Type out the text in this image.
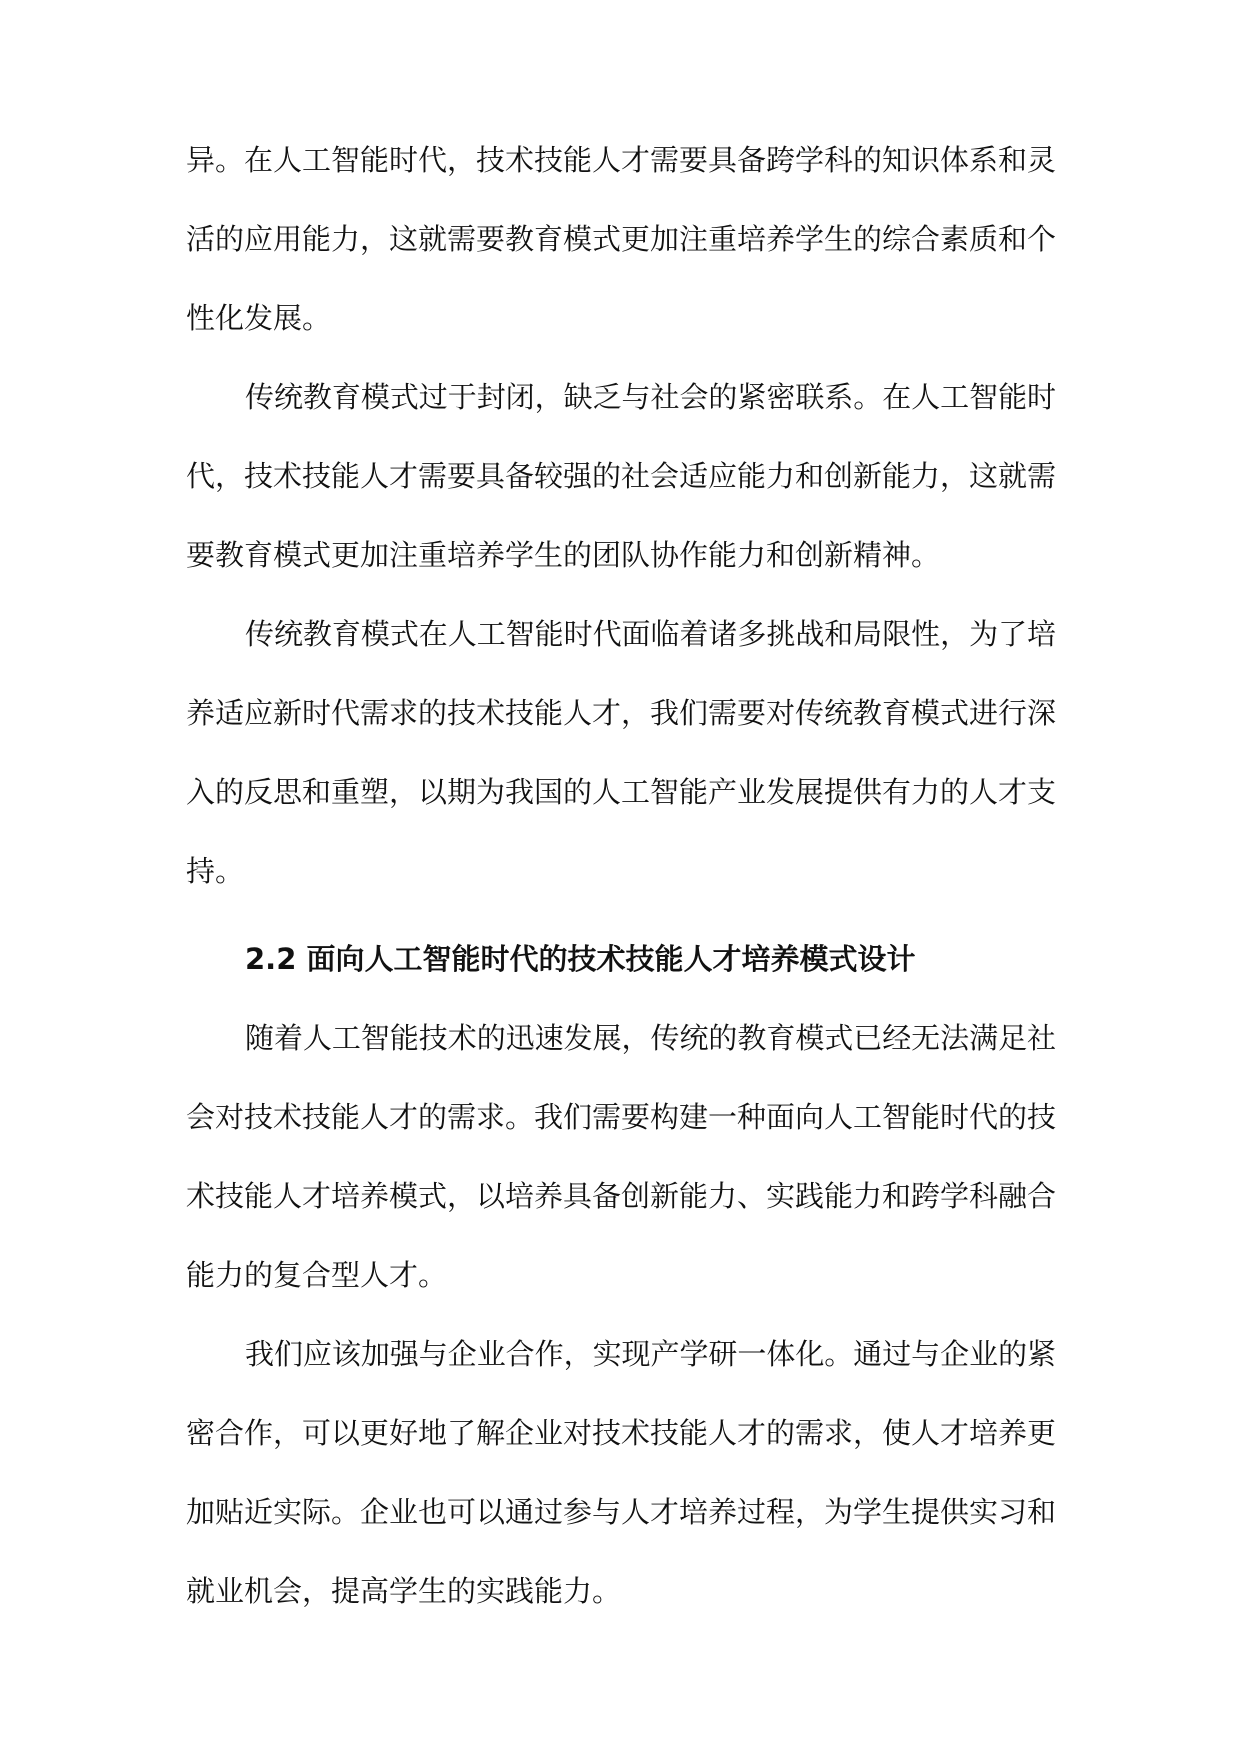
异。在人工智能时代，技术技能人才需要具备跨学科的知识体系和灵

活的应用能力，这就需要教育模式更加注重培养学生的综合素质和个

性化发展。

传统教育模式过于封闭，缺乏与社会的紧密联系。在人工智能时

代，技术技能人才需要具备较强的社会适应能力和创新能力，这就需

要教育模式更加注重培养学生的团队协作能力和创新精神。

传统教育模式在人工智能时代面临着诸多挑战和局限性，为了培

养适应新时代需求的技术技能人才，我们需要对传统教育模式进行深

入的反思和重塑，以期为我国的人工智能产业发展提供有力的人才支

持。

2.2 面向人工智能时代的技术技能人才培养模式设计

随着人工智能技术的迅速发展，传统的教育模式已经无法满足社

会对技术技能人才的需求。我们需要构建一种面向人工智能时代的技

术技能人才培养模式，以培养具备创新能力、实践能力和跨学科融合

能力的复合型人才。

我们应该加强与企业合作，实现产学研一体化。通过与企业的紧

密合作，可以更好地了解企业对技术技能人才的需求，使人才培养更

加贴近实际。企业也可以通过参与人才培养过程，为学生提供实习和

就业机会，提高学生的实践能力。
